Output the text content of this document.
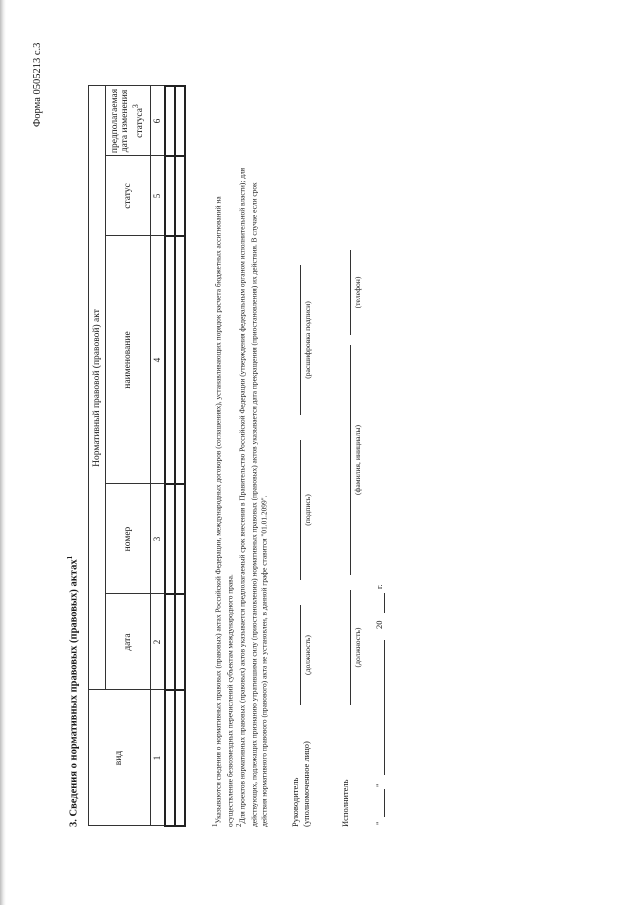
Форма 0505213 с.3
3. Сведения о нормативных правовых (правовых) актах$^1$
вид	Нормативный правовой (правовой) акт				
	дата	номер	наименование	статус	предполагаемая дата изменения статуса$^3$
1	2	3	4	5	6

$^1$Указываются сведения о нормативных правовых (правовых) актах Российской Федерации, международных договоров (соглашениях), устанавливающих порядок расчета бюджетных ассигнований на осуществление безвозмездных перечислений субъектам международного права. $^2$Для проектов нормативных правовых (правовых) актов указывается предполагаемый срок внесения в Правительство Российской Федерации (утверждения федеральным органом исполнительной власти); для действующих, подлежащих признанию утратившими силу (приостановлению) нормативных правовых (правовых) актов указывается дата прекращения (приостановления) их действия. В случае если срок действия нормативного правового (правового) акта не установлен, в данной графе ставится "01.01.2099".	Руководитель (уполномоченное лицо)
(должность)
(подпись)
(расшифровка подписи)
Исполнитель
(должность)
(фамилия, инициалы)
(телефон)
"
"
20
г.
